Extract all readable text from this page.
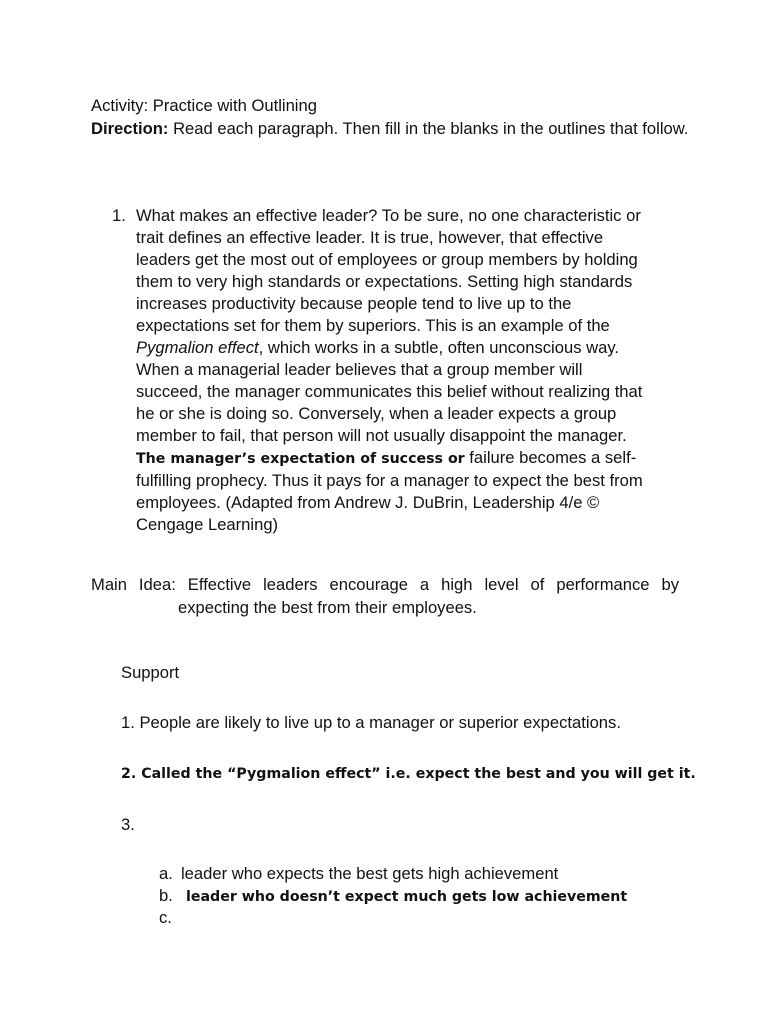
Activity: Practice with Outlining
Direction: Read each paragraph. Then fill in the blanks in the outlines that follow.
1. What makes an effective leader? To be sure, no one characteristic or
trait defines an effective leader. It is true, however, that effective
leaders get the most out of employees or group members by holding
them to very high standards or expectations. Setting high standards
increases productivity because people tend to live up to the
expectations set for them by superiors. This is an example of the
Pygmalion effect, which works in a subtle, often unconscious way.
When a managerial leader believes that a group member will
succeed, the manager communicates this belief without realizing that
he or she is doing so. Conversely, when a leader expects a group
member to fail, that person will not usually disappoint the manager.
The manager’s expectation of success or failure becomes a self-
fulfilling prophecy. Thus it pays for a manager to expect the best from
employees. (Adapted from Andrew J. DuBrin, Leadership 4/e ©
Cengage Learning)
Main Idea: Effective leaders encourage a high level of performance by
expecting the best from their employees.
Support
1. People are likely to live up to a manager or superior expectations.
2. Called the “Pygmalion effect” i.e. expect the best and you will get it.
3.
a. leader who expects the best gets high achievement
b. leader who doesn’t expect much gets low achievement
c.
